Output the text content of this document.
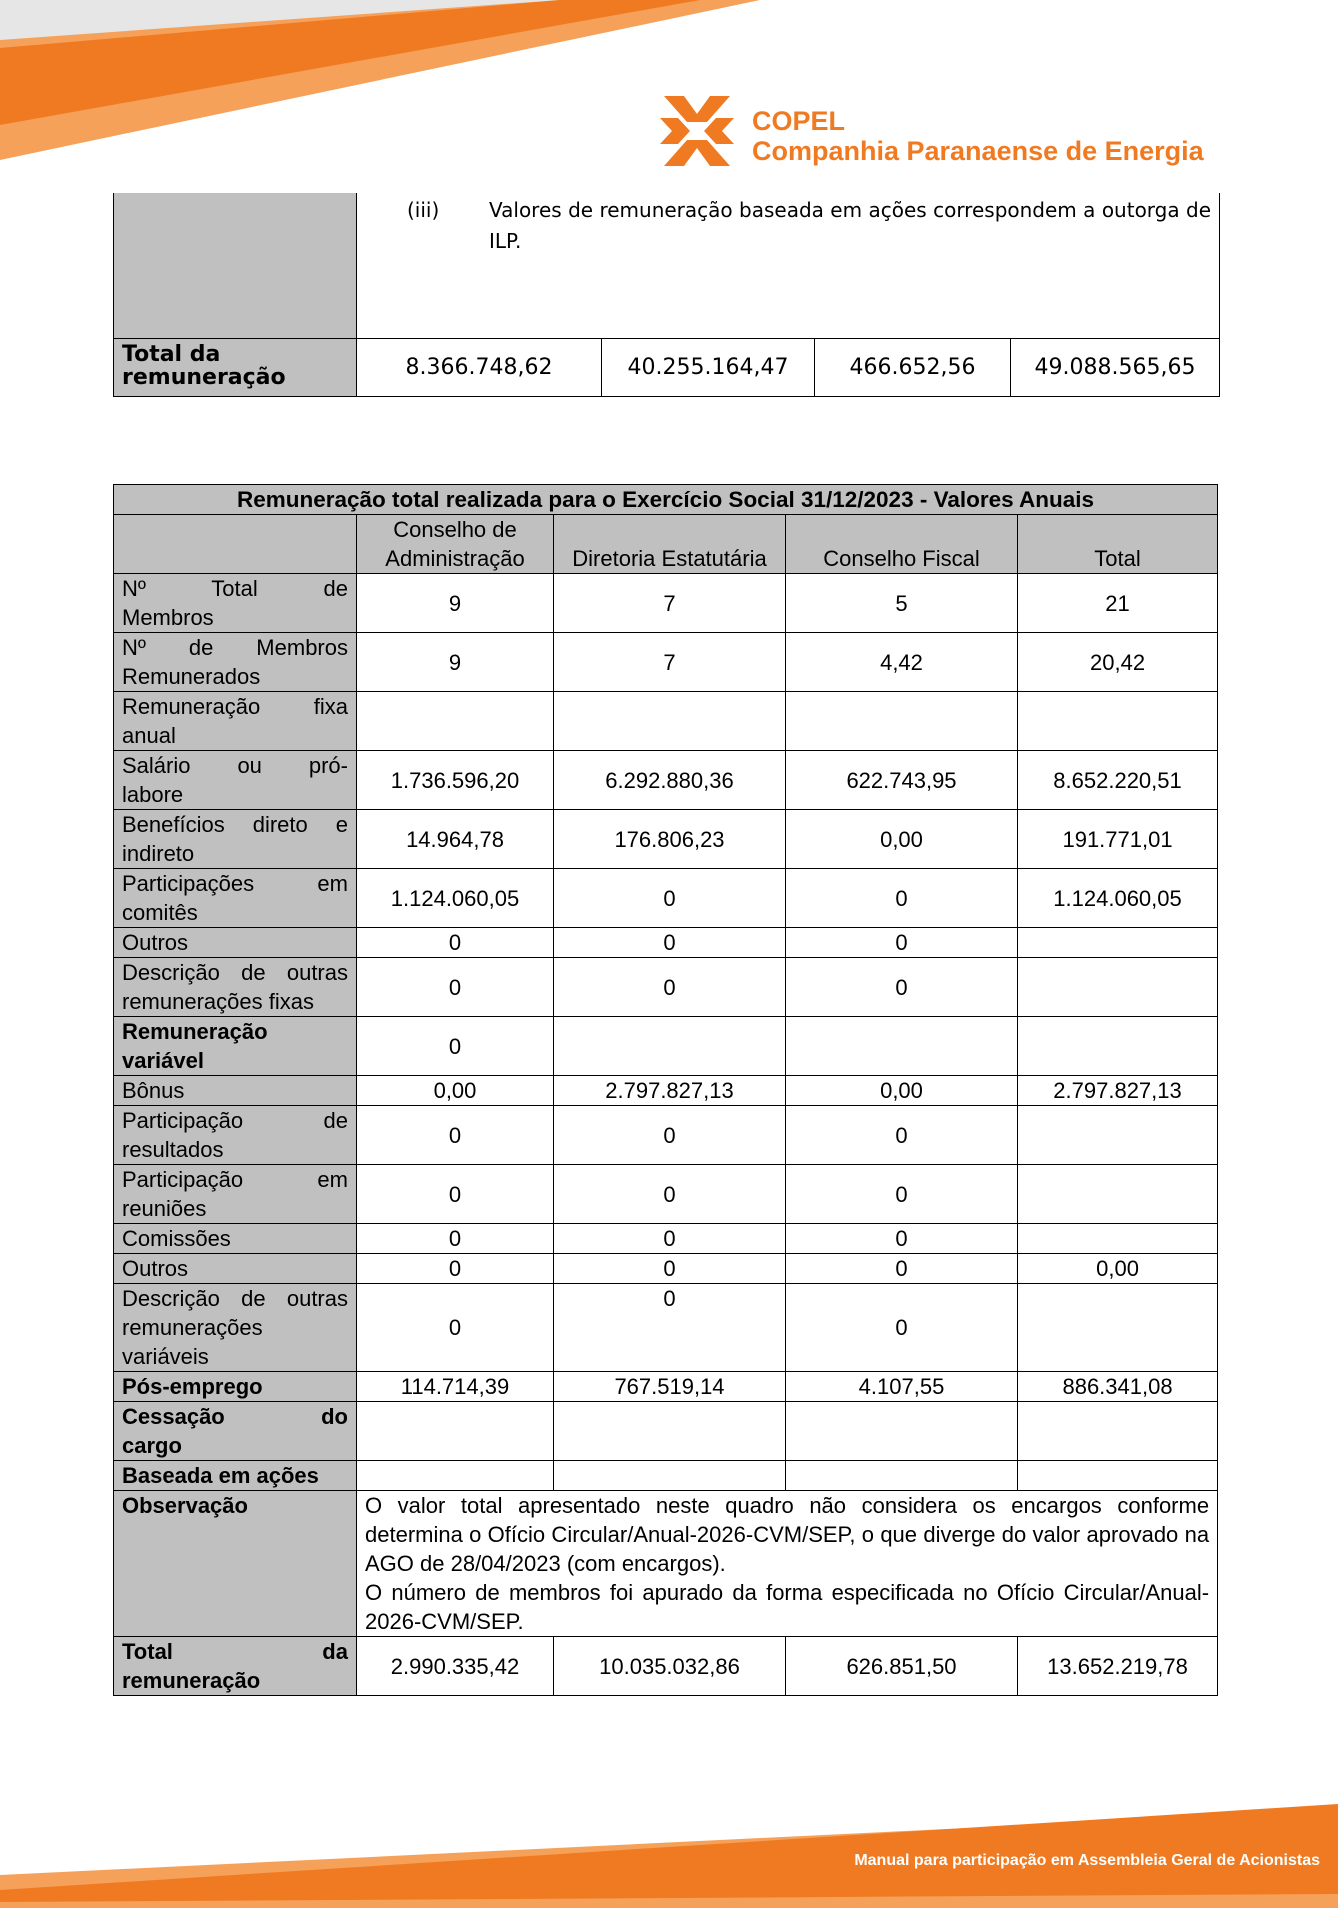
COPEL
Companhia Paranaense de Energia

	(iii) Valores de remuneração baseada em ações correspondem a outorga de ILP.			

Total da remuneração	8.366.748,62	40.255.164,47	466.652,56	49.088.565,65
Remuneração total realizada para o Exercício Social 31/12/2023 - Valores Anuais				
	Conselho de Administração	Diretoria Estatutária	Conselho Fiscal	Total

Nº Total de
Membros	9	7	5	21

Nº de Membros
Remunerados	9	7	4,42	20,42

Remuneração fixa
anual				

Salário ou pró-
labore	1.736.596,20	6.292.880,36	622.743,95	8.652.220,51

Benefícios direto e
indireto	14.964,78	176.806,23	0,00	191.771,01

Participações em
comitês	1.124.060,05	0	0	1.124.060,05
Outros	0	0	0	
Descrição de outras remunerações fixas	0	0	0	
Remuneração variável	0			
Bônus	0,00	2.797.827,13	0,00	2.797.827,13

Participação de
resultados	0	0	0	

Participação em
reuniões	0	0	0	
Comissões	0	0	0	
Outros	0	0	0	0,00
Descrição de outras remunerações variáveis	0	0	0	
Pós-emprego	114.714,39	767.519,14	4.107,55	886.341,08

Cessação do
cargo				

Baseada em ações				
Observação	O valor total apresentado neste quadro não considera os encargos conforme determina o Ofício Circular/Anual-2026-CVM/SEP, o que diverge do valor aprovado na AGO de 28/04/2023 (com encargos).

O número de membros foi apurado da forma especificada no Ofício Circular/Anual-2026-CVM/SEP.			

Total da
remuneração	2.990.335,42	10.035.032,86	626.851,50	13.652.219,78
Manual para participação em Assembleia Geral de Acionistas
